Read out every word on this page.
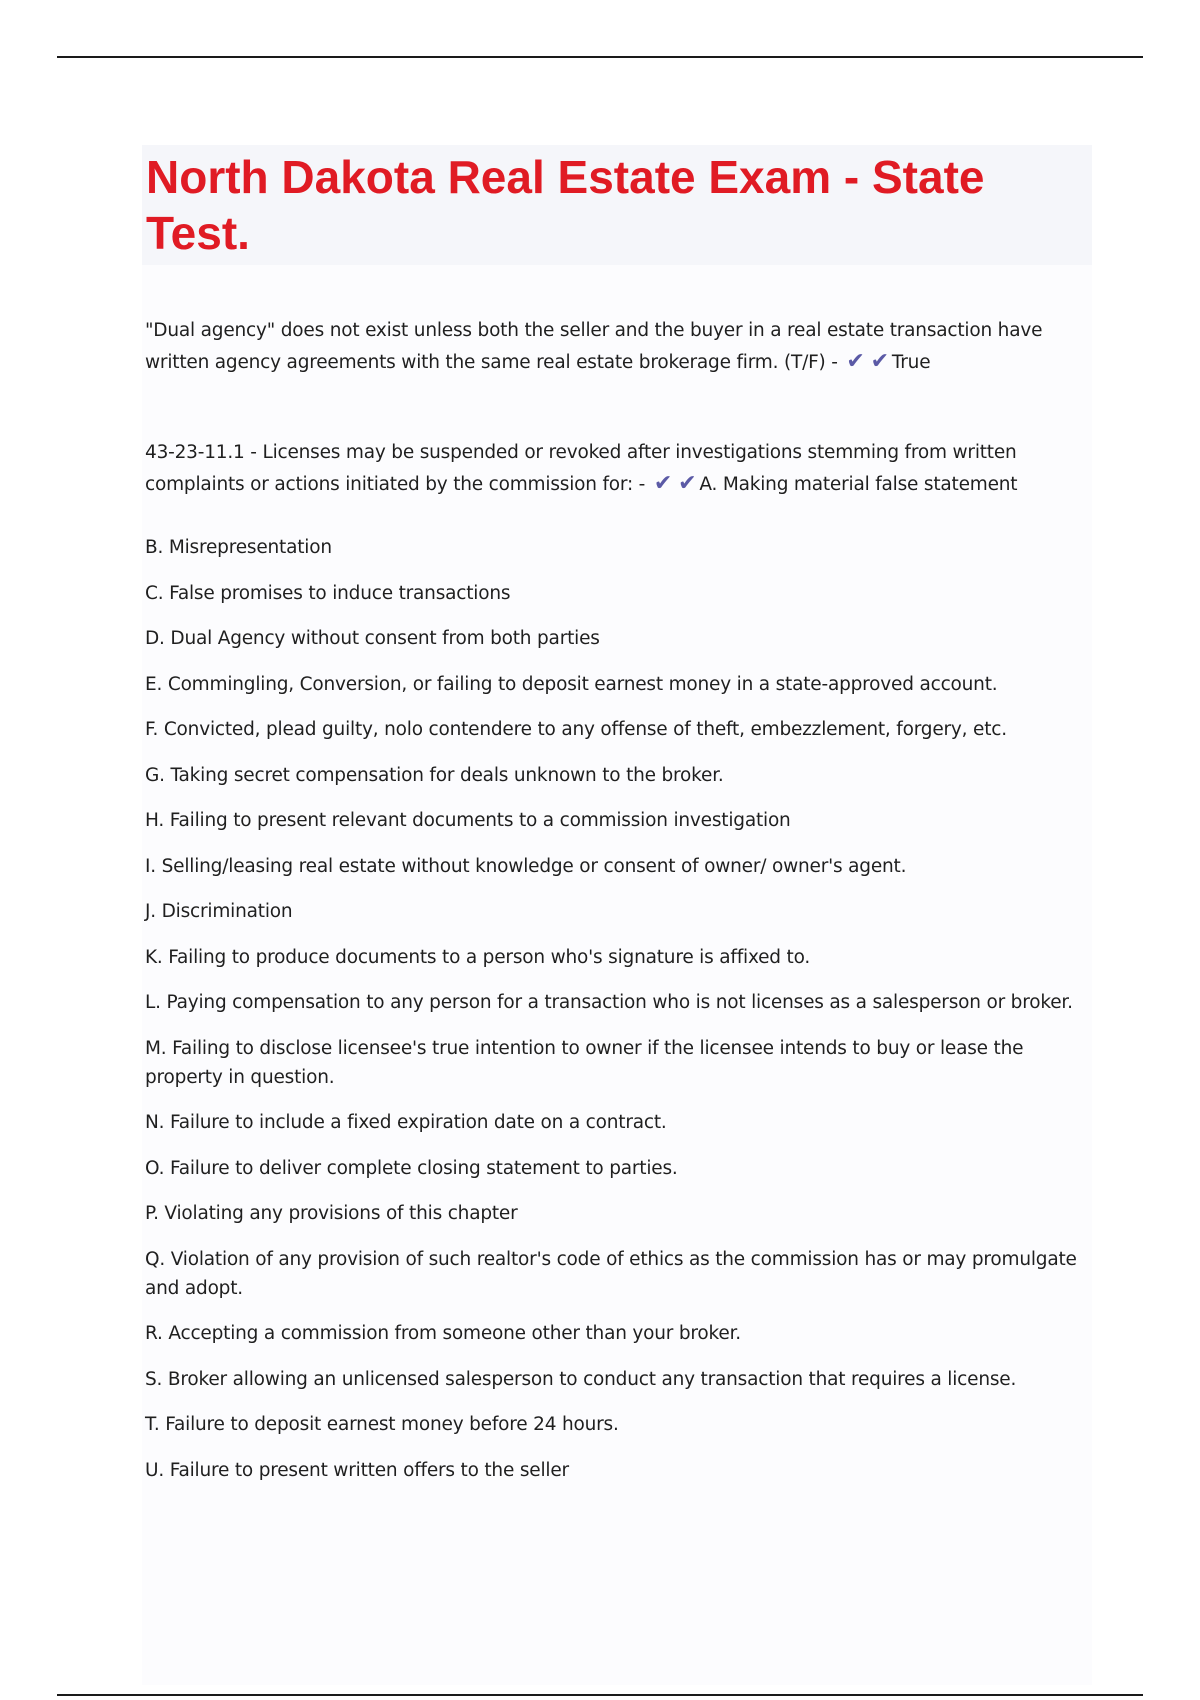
North Dakota Real Estate Exam - State Test.

"Dual agency" does not exist unless both the seller and the buyer in a real estate transaction have written agency agreements with the same real estate brokerage firm. (T/F) - ✔ ✔ True

43-23-11.1 - Licenses may be suspended or revoked after investigations stemming from written complaints or actions initiated by the commission for: - ✔ ✔ A. Making material false statement

B. Misrepresentation
C. False promises to induce transactions
D. Dual Agency without consent from both parties
E. Commingling, Conversion, or failing to deposit earnest money in a state-approved account.
F. Convicted, plead guilty, nolo contendere to any offense of theft, embezzlement, forgery, etc.
G. Taking secret compensation for deals unknown to the broker.
H. Failing to present relevant documents to a commission investigation
I. Selling/leasing real estate without knowledge or consent of owner/ owner's agent.
J. Discrimination
K. Failing to produce documents to a person who's signature is affixed to.
L. Paying compensation to any person for a transaction who is not licenses as a salesperson or broker.
M. Failing to disclose licensee's true intention to owner if the licensee intends to buy or lease the property in question.
N. Failure to include a fixed expiration date on a contract.
O. Failure to deliver complete closing statement to parties.
P. Violating any provisions of this chapter
Q. Violation of any provision of such realtor's code of ethics as the commission has or may promulgate and adopt.
R. Accepting a commission from someone other than your broker.
S. Broker allowing an unlicensed salesperson to conduct any transaction that requires a license.
T. Failure to deposit earnest money before 24 hours.
U. Failure to present written offers to the seller
